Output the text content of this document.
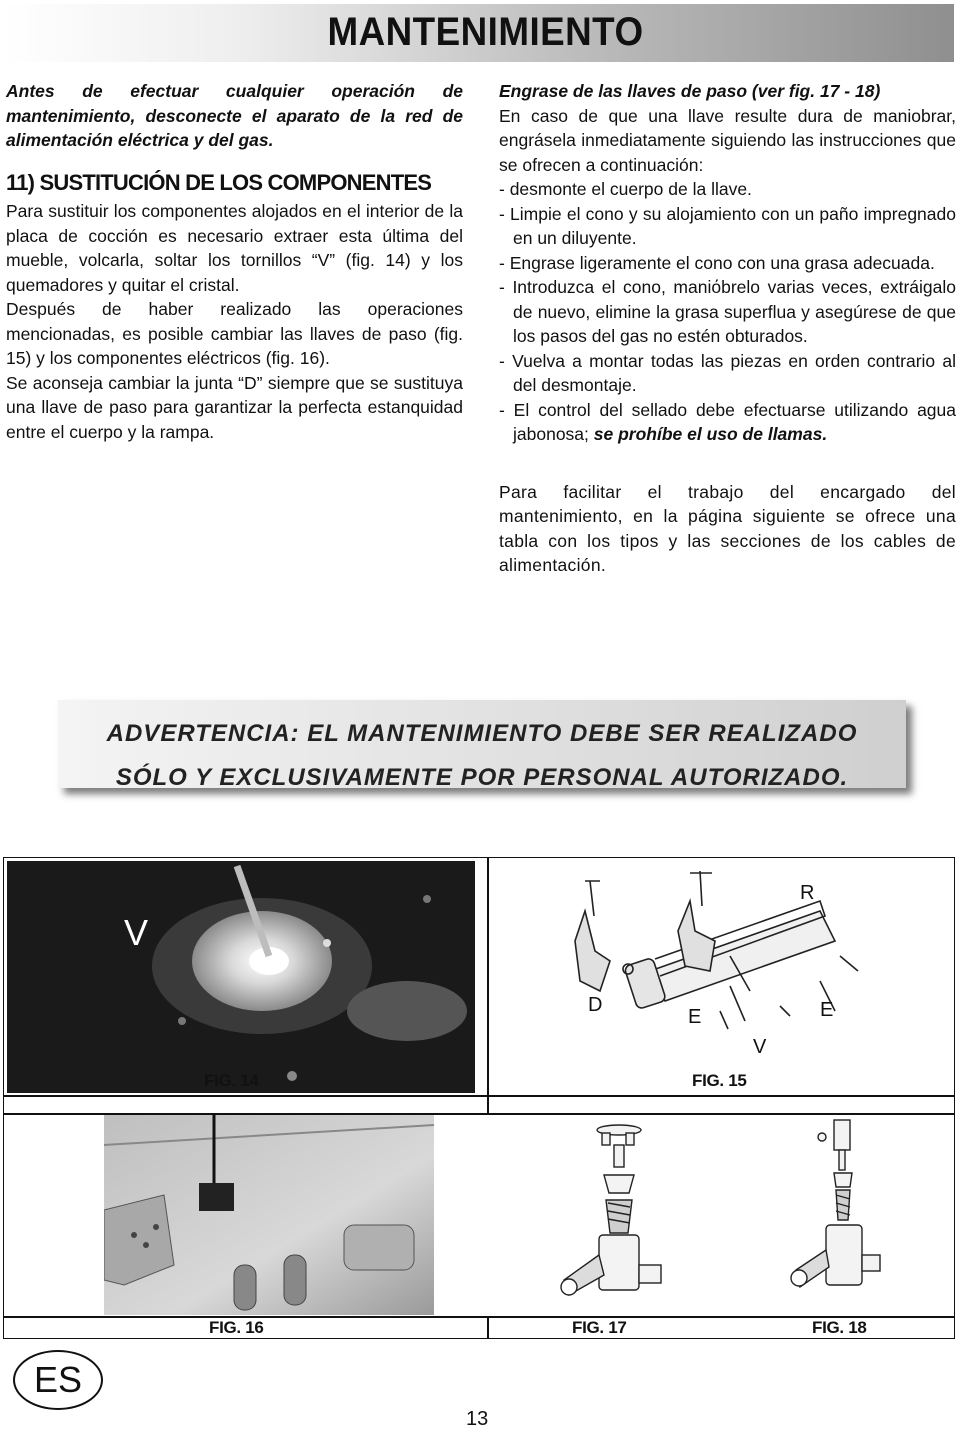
MANTENIMIENTO

Antes de efectuar cualquier operación de mantenimiento, desconecte el aparato de la red de alimentación eléctrica y del gas.

11) SUSTITUCIÓN DE LOS COMPONENTES

Para sustituir los componentes alojados en el interior de la placa de cocción es necesario extraer esta última del mueble, volcarla, soltar los tornillos “V” (fig. 14) y los quemadores y quitar el cristal.

Después de haber realizado las operaciones mencionadas, es posible cambiar las llaves de paso (fig. 15) y los componentes eléctricos (fig. 16).

Se aconseja cambiar la junta “D” siempre que se sustituya una llave de paso para garantizar la perfecta estanquidad entre el cuerpo y la rampa.

Engrase de las llaves de paso (ver fig. 17 - 18)

En caso de que una llave resulte dura de maniobrar, engrásela inmediatamente siguiendo las instrucciones que se ofrecen a continuación:

- desmonte el cuerpo de la llave.
- Limpie el cono y su alojamiento con un paño impregnado en un diluyente.
- Engrase ligeramente el cono con una grasa adecuada.
- Introduzca el cono, maniόbrelo varias veces, extráigalo de nuevo, elimine la grasa superflua y asegúrese de que los pasos del gas no estén obturados.
- Vuelva a montar todas las piezas en orden contrario al del desmontaje.
- El control del sellado debe efectuarse utilizando agua jabonosa; se prohíbe el uso de llamas.

Para facilitar el trabajo del encargado del mantenimiento, en la página siguiente se ofrece una tabla con los tipos y las secciones de los cables de alimentación.

ADVERTENCIA: EL MANTENIMIENTO DEBE SER REALIZADO
SÓLO Y EXCLUSIVAMENTE POR PERSONAL AUTORIZADO.
V
R
D
E	E
V
FIG. 14	FIG. 15
FIG. 16	FIG. 17	FIG. 18
ES
13
